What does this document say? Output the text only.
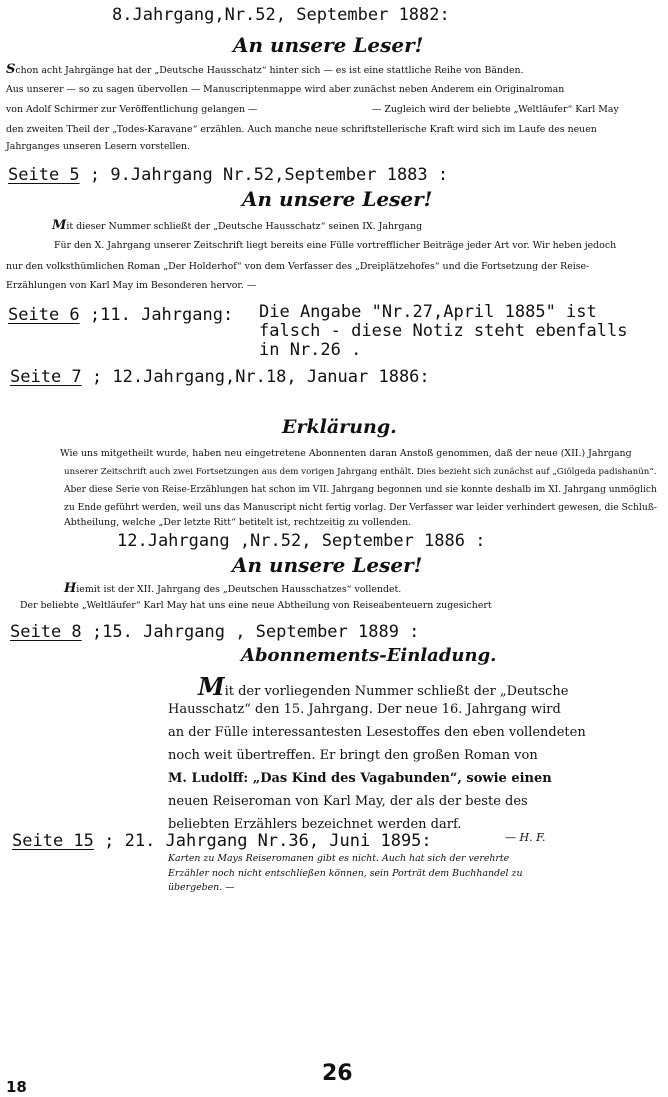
8.Jahrgang,Nr.52, September 1882:
An unsere Leser!
Schon acht Jahrgänge hat der „Deutsche Hausschatz“ hinter sich — es ist eine stattliche Reihe von Bänden.
Aus unserer — so zu sagen übervollen — Manuscriptenmappe wird aber zunächst neben Anderem ein Originalroman
von Adolf Schirmer zur Veröffentlichung gelangen —	— Zugleich wird der beliebte „Weltläufer“ Karl May
den zweiten Theil der „Todes-Karavane“ erzählen. Auch manche neue schriftstellerische Kraft wird sich im Laufe des neuen
Jahrganges unseren Lesern vorstellen.
Seite 5 ; 9.Jahrgang Nr.52,September 1883 :
An unsere Leser!
Mit dieser Nummer schließt der „Deutsche Hausschatz“ seinen IX. Jahrgang
Für den X. Jahrgang unserer Zeitschrift liegt bereits eine Fülle vortrefflicher Beiträge jeder Art vor. Wir heben jedoch
nur den volksthümlichen Roman „Der Holderhof“ von dem Verfasser des „Dreiplätzehofes“ und die Fortsetzung der Reise-
Erzählungen von Karl May im Besonderen hervor. —
Seite 6 ;11. Jahrgang: Die Angabe "Nr.27,April 1885" ist
falsch - diese Notiz steht ebenfalls
in Nr.26 .
Seite 7 ; 12.Jahrgang,Nr.18, Januar 1886:
Erklärung.
Wie uns mitgetheilt wurde, haben neu eingetretene Abonnenten daran Anstoß genommen, daß der neue (XII.) Jahrgang
unserer Zeitschrift auch zwei Fortsetzungen aus dem vorigen Jahrgang enthält. Dies bezieht sich zunächst auf „Giölgeda padishanün“.
Aber diese Serie von Reise-Erzählungen hat schon im VII. Jahrgang begonnen und sie konnte deshalb im XI. Jahrgang unmöglich
zu Ende geführt werden, weil uns das Manuscript nicht fertig vorlag. Der Verfasser war leider verhindert gewesen, die Schluß-
Abtheilung, welche „Der letzte Ritt“ betitelt ist, rechtzeitig zu vollenden.
12.Jahrgang ,Nr.52, September 1886 :
An unsere Leser!
Hiemit ist der XII. Jahrgang des „Deutschen Hausschatzes“ vollendet.
Der beliebte „Weltläufer“ Karl May hat uns eine neue Abtheilung von Reiseabenteuern zugesichert
Seite 8 ;15. Jahrgang , September 1889 :
Abonnements-Einladung.
Mit der vorliegenden Nummer schließt der „Deutsche
Hausschatz“ den 15. Jahrgang. Der neue 16. Jahrgang wird
an der Fülle interessantesten Lesestoffes den eben vollendeten
noch weit übertreffen. Er bringt den großen Roman von
M. Ludolff: „Das Kind des Vagabunden“, sowie einen
neuen Reiseroman von Karl May, der als der beste des
beliebten Erzählers bezeichnet werden darf.
Seite 15 ; 21. Jahrgang Nr.36, Juni 1895:	— H. F.
Karten zu Mays Reiseromanen gibt es nicht. Auch hat sich der verehrte
Erzähler noch nicht entschließen können, sein Porträt dem Buchhandel zu
übergeben. —
26
18
